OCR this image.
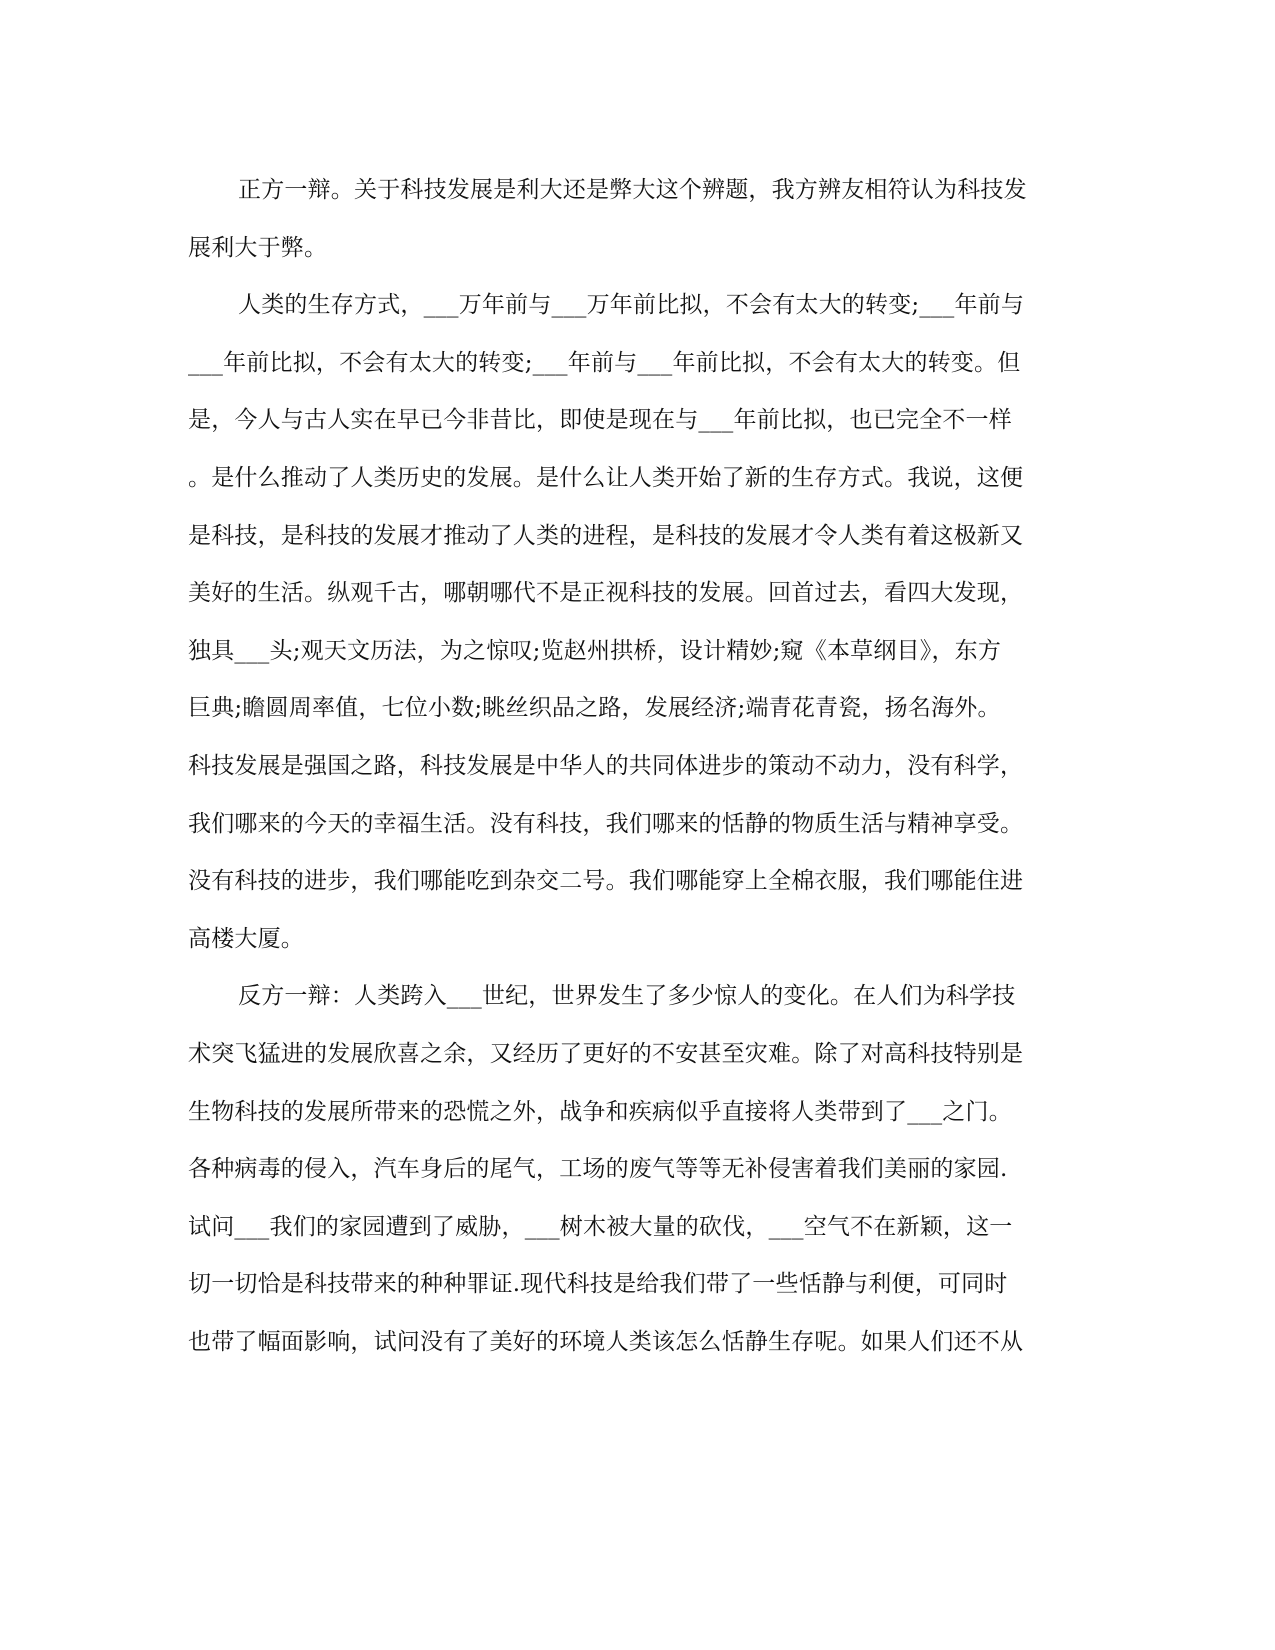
正方一辩。关于科技发展是利大还是弊大这个辨题，我方辨友相符认为科技发
展利大于弊。
人类的生存方式，___万年前与___万年前比拟，不会有太大的转变;___年前与
___年前比拟，不会有太大的转变;___年前与___年前比拟，不会有太大的转变。但
是，今人与古人实在早已今非昔比，即使是现在与___年前比拟，也已完全不一样
。是什么推动了人类历史的发展。是什么让人类开始了新的生存方式。我说，这便
是科技，是科技的发展才推动了人类的进程，是科技的发展才令人类有着这极新又
美好的生活。纵观千古，哪朝哪代不是正视科技的发展。回首过去，看四大发现，
独具___头;观天文历法，为之惊叹;览赵州拱桥，设计精妙;窥《本草纲目》，东方
巨典;瞻圆周率值，七位小数;眺丝织品之路，发展经济;端青花青瓷，扬名海外。
科技发展是强国之路，科技发展是中华人的共同体进步的策动不动力，没有科学，
我们哪来的今天的幸福生活。没有科技，我们哪来的恬静的物质生活与精神享受。
没有科技的进步，我们哪能吃到杂交二号。我们哪能穿上全棉衣服，我们哪能住进
高楼大厦。
反方一辩：人类跨入___世纪，世界发生了多少惊人的变化。在人们为科学技
术突飞猛进的发展欣喜之余，又经历了更好的不安甚至灾难。除了对高科技特别是
生物科技的发展所带来的恐慌之外，战争和疾病似乎直接将人类带到了___之门。
各种病毒的侵入，汽车身后的尾气，工场的废气等等无补侵害着我们美丽的家园.
试问___我们的家园遭到了威胁，___树木被大量的砍伐，___空气不在新颖，这一
切一切恰是科技带来的种种罪证.现代科技是给我们带了一些恬静与利便，可同时
也带了幅面影响，试问没有了美好的环境人类该怎么恬静生存呢。如果人们还不从
